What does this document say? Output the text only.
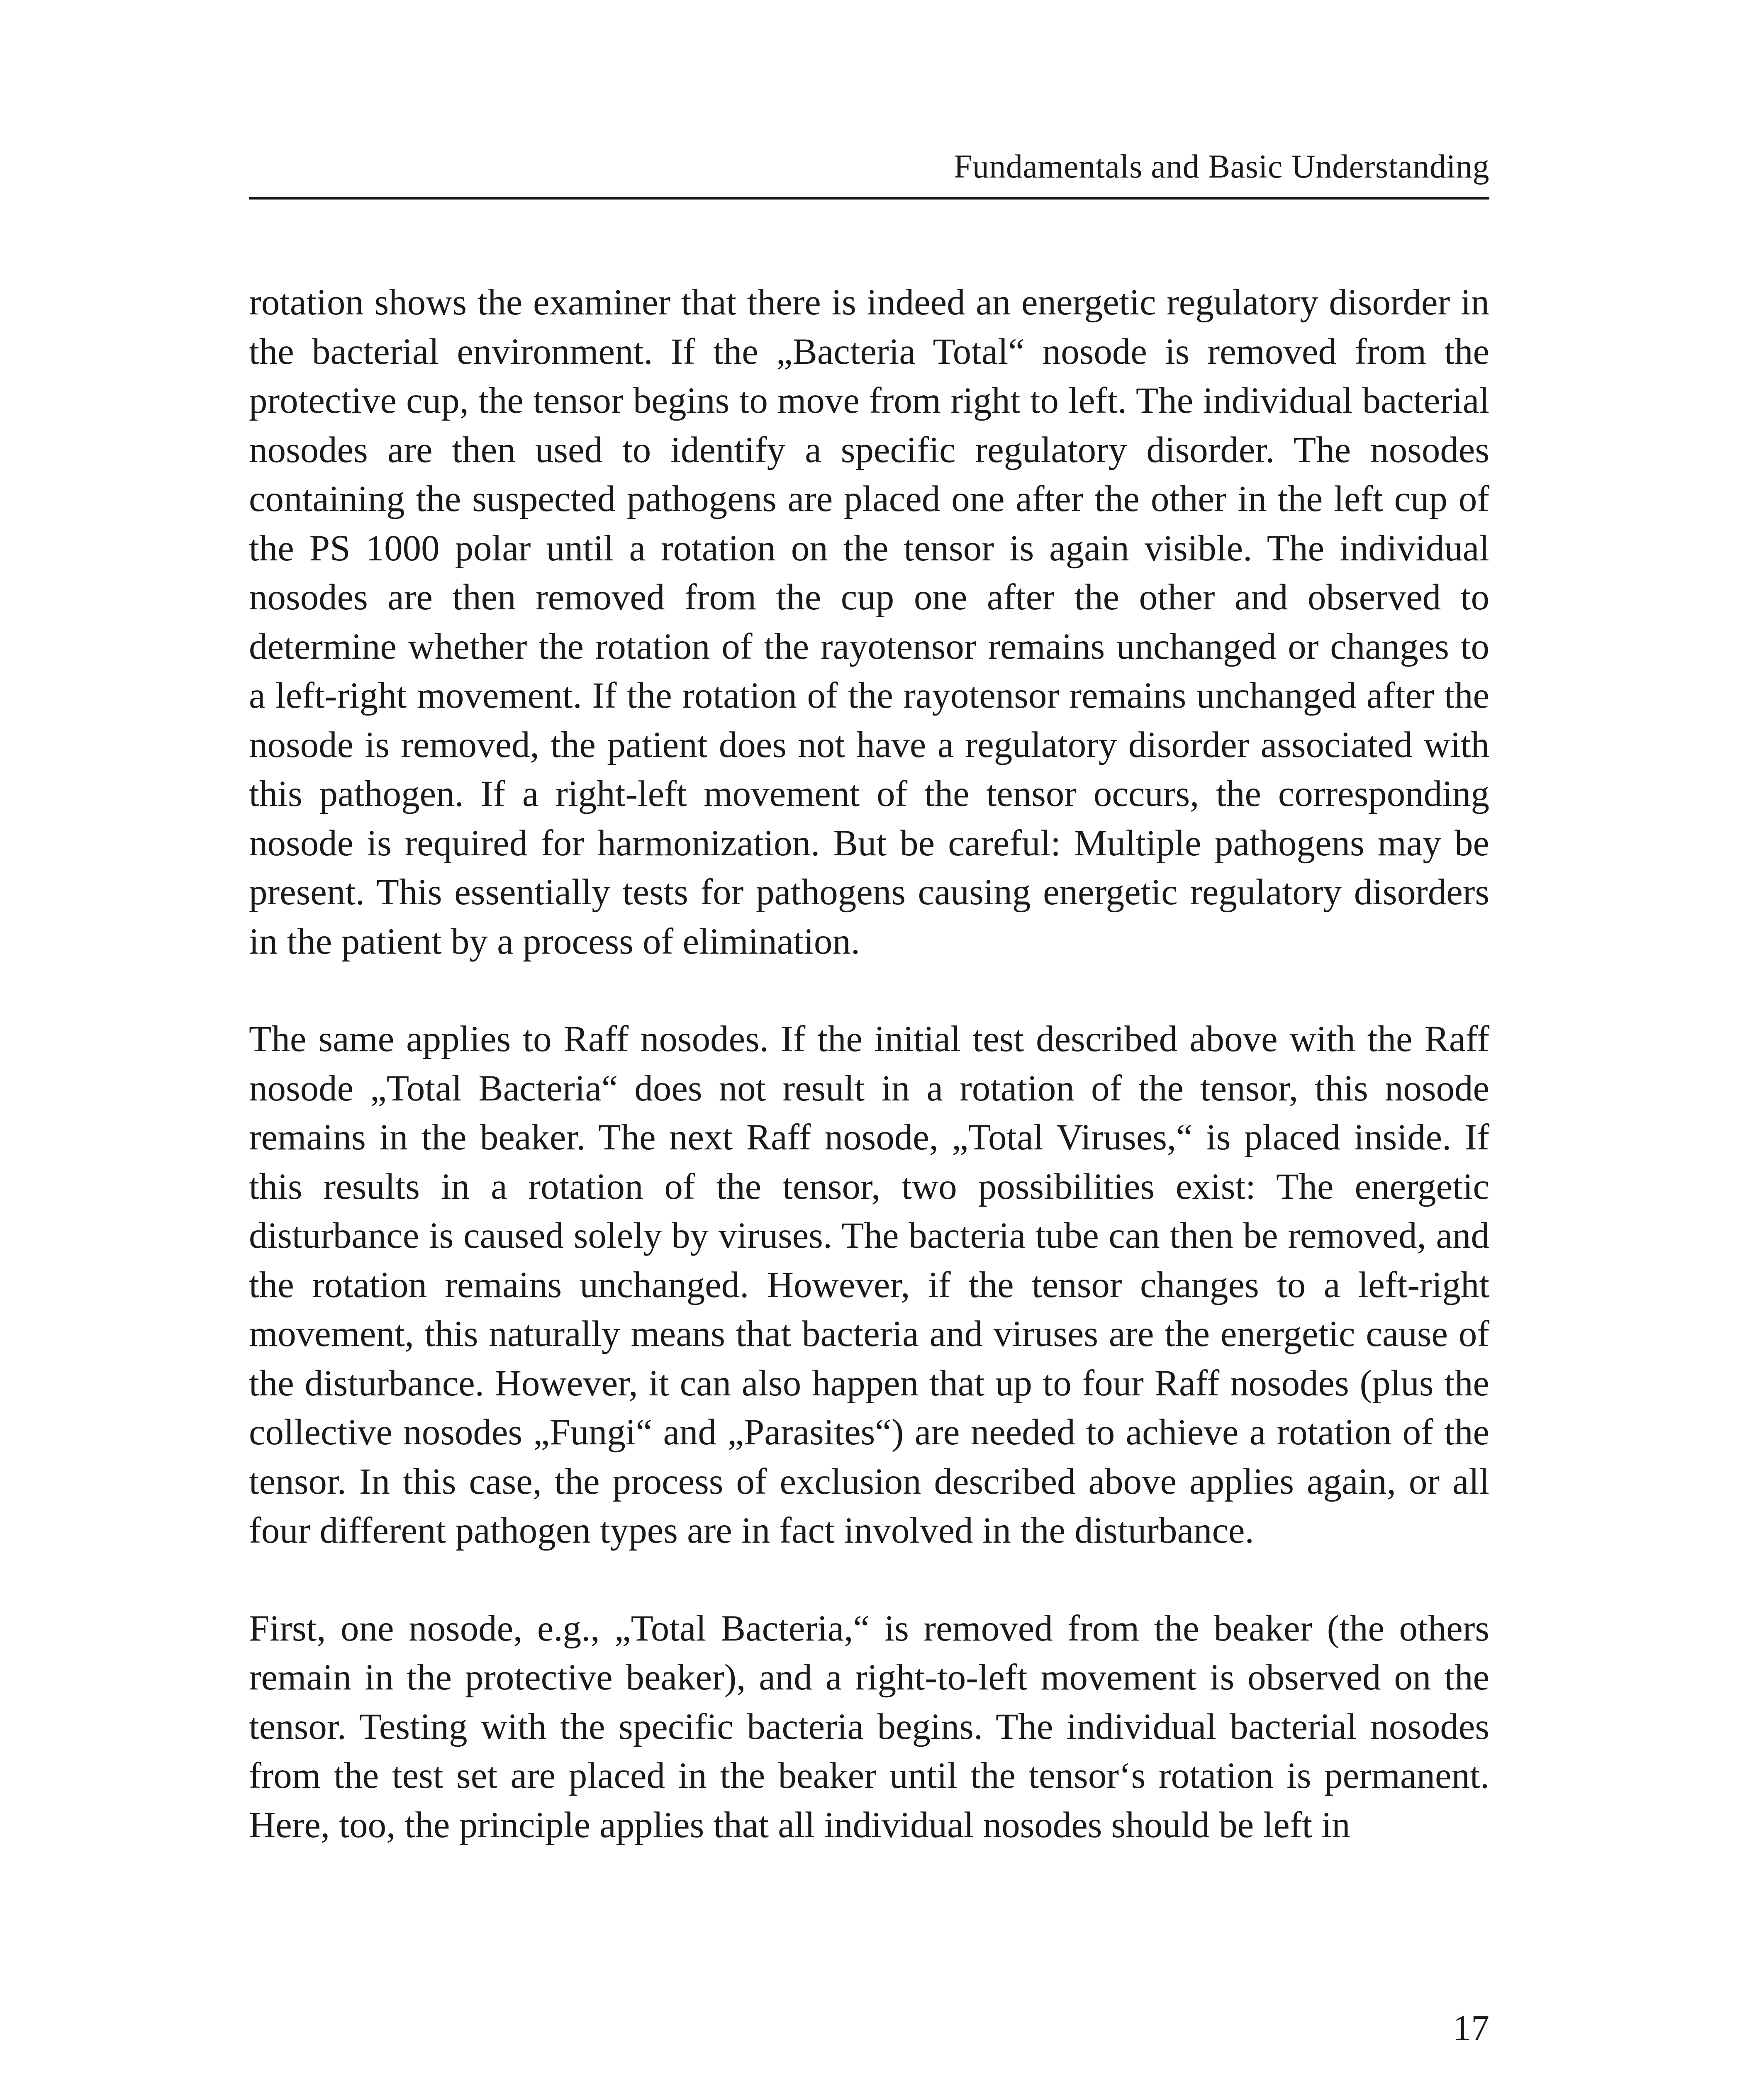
Fundamentals and Basic Understanding

rotation shows the examiner that there is indeed an energetic regulatory disorder in the bacterial environment. If the „Bacteria Total“ nosode is removed from the protective cup, the tensor begins to move from right to left. The individual bacterial nosodes are then used to identify a specific regulatory disorder. The nosodes containing the suspected pathogens are placed one after the other in the left cup of the PS 1000 polar until a rotation on the tensor is again visible. The individual nosodes are then removed from the cup one after the other and observed to determine whether the rotation of the rayotensor remains unchanged or changes to a left-right movement. If the rotation of the rayotensor remains unchanged after the nosode is removed, the patient does not have a regulatory disorder associated with this pathogen. If a right-left movement of the tensor occurs, the corresponding nosode is required for harmonization. But be careful: Multiple pathogens may be present. This essentially tests for pathogens causing energetic regulatory disorders in the patient by a process of elimination.

The same applies to Raff nosodes. If the initial test described above with the Raff nosode „Total Bacteria“ does not result in a rotation of the tensor, this nosode remains in the beaker. The next Raff nosode, „Total Viruses,“ is placed inside. If this results in a rotation of the tensor, two possibilities exist: The energetic disturbance is caused solely by viruses. The bacteria tube can then be removed, and the rotation remains unchanged. However, if the tensor changes to a left-right movement, this naturally means that bacteria and viruses are the energetic cause of the disturbance. However, it can also happen that up to four Raff nosodes (plus the collective nosodes „Fungi“ and „Parasites“) are needed to achieve a rotation of the tensor. In this case, the process of exclusion described above applies again, or all four different pathogen types are in fact involved in the disturbance.

First, one nosode, e.g., „Total Bacteria,“ is removed from the beaker (the others remain in the protective beaker), and a right-to-left movement is observed on the tensor. Testing with the specific bacteria begins. The individual bacterial nosodes from the test set are placed in the beaker until the tensor‘s rotation is permanent. Here, too, the principle applies that all individual nosodes should be left in

17
